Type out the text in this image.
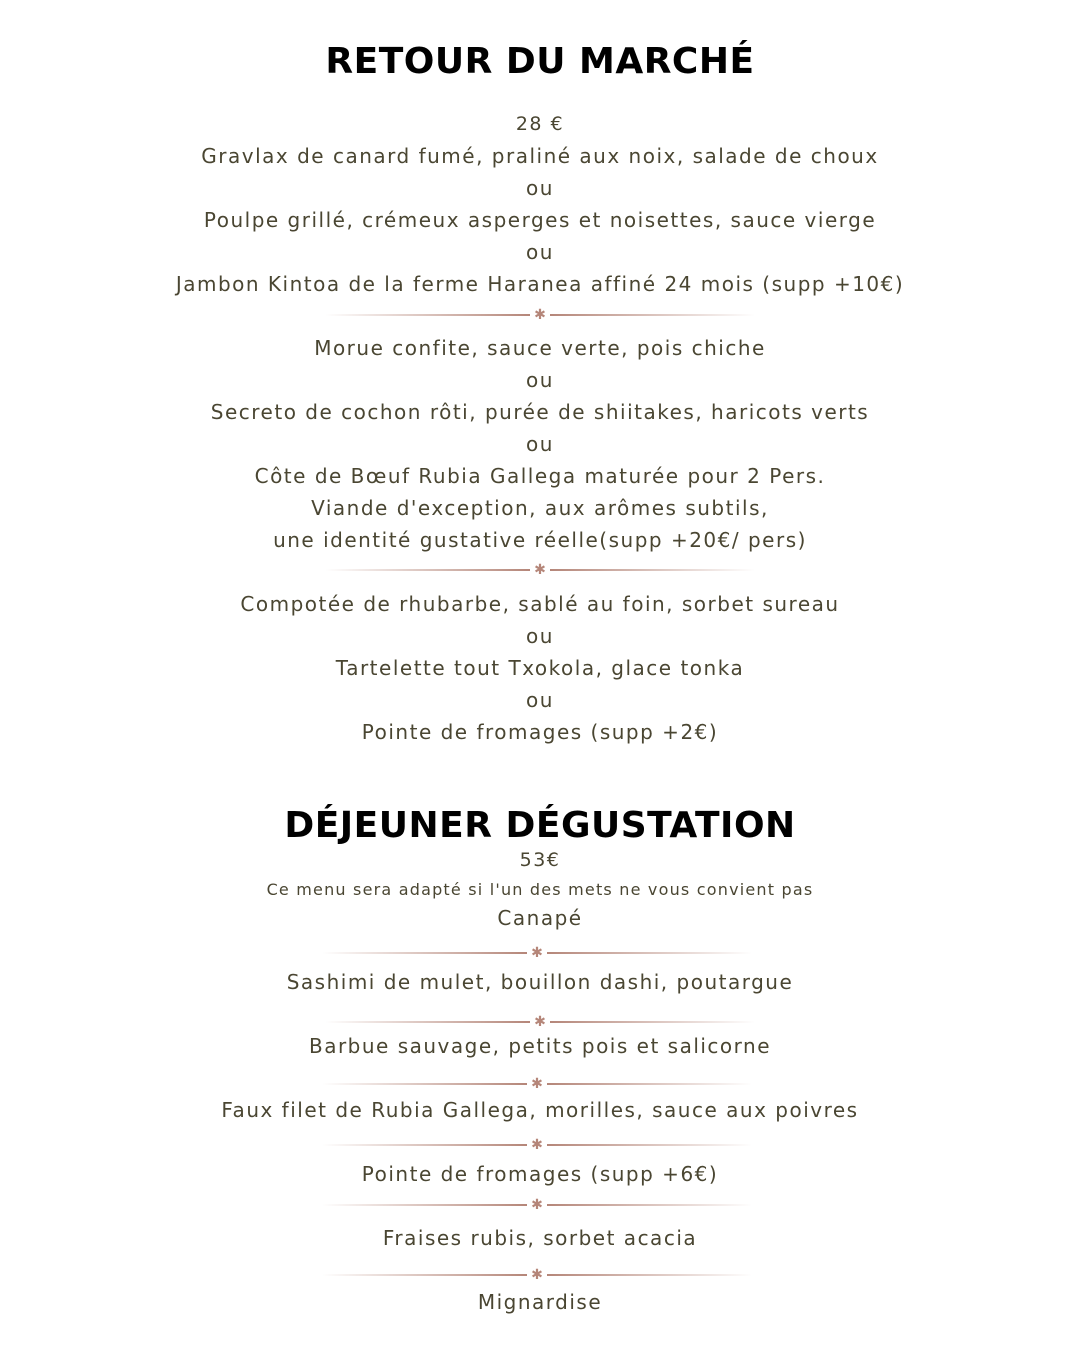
RETOUR DU MARCHÉ
28 €
Gravlax de canard fumé, praliné aux noix, salade de choux
ou
Poulpe grillé, crémeux asperges et noisettes, sauce vierge
ou
Jambon Kintoa de la ferme Haranea affiné 24 mois (supp +10€)
✱
Morue confite, sauce verte, pois chiche
ou
Secreto de cochon rôti, purée de shiitakes, haricots verts
ou
Côte de Bœuf Rubia Gallega maturée pour 2 Pers.
Viande d'exception, aux arômes subtils,
une identité gustative réelle(supp +20€/ pers)
✱
Compotée de rhubarbe, sablé au foin, sorbet sureau
ou
Tartelette tout Txokola, glace tonka
ou
Pointe de fromages (supp +2€)
DÉJEUNER DÉGUSTATION
53€
Ce menu sera adapté si l'un des mets ne vous convient pas
Canapé
✱
Sashimi de mulet, bouillon dashi, poutargue
✱
Barbue sauvage, petits pois et salicorne
✱
Faux filet de Rubia Gallega, morilles, sauce aux poivres
✱
Pointe de fromages (supp +6€)
✱
Fraises rubis, sorbet acacia
✱
Mignardise
